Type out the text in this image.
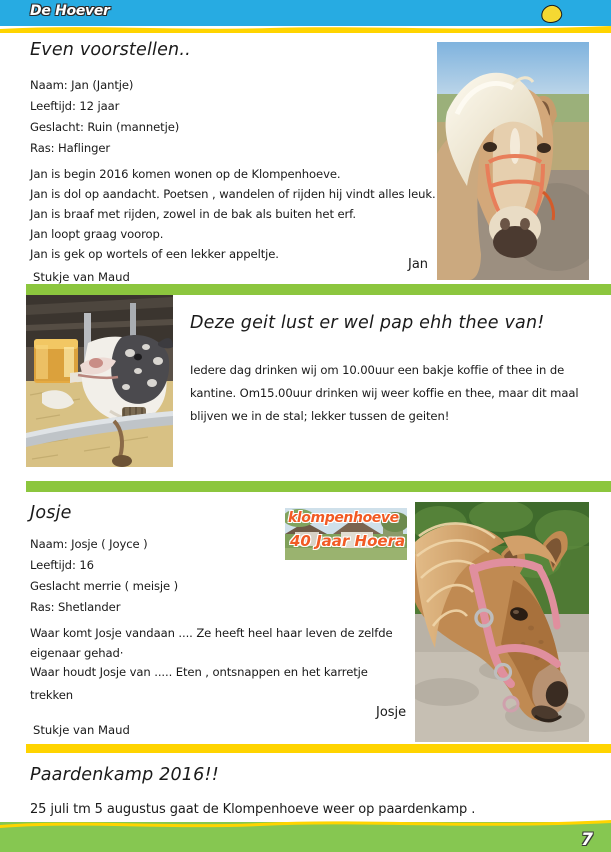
De Hoever
Even voorstellen..
Naam: Jan (Jantje)
Leeftijd: 12 jaar
Geslacht: Ruin (mannetje)
Ras: Haflinger
Jan is begin 2016 komen wonen op de Klompenhoeve.
Jan is dol op aandacht. Poetsen , wandelen of rijden hij vindt alles leuk.
Jan is braaf met rijden, zowel in de bak als buiten het erf.
Jan loopt graag voorop.
Jan is gek op wortels of een lekker appeltje.
Stukje van Maud
Jan
Deze geit lust er wel pap ehh thee van!
Iedere dag drinken wij om 10.00uur een bakje koffie of thee in de
kantine. Om15.00uur drinken wij weer koffie en thee, maar dit maal
blijven we in de stal; lekker tussen de geiten!
Josje
Naam: Josje ( Joyce )
Leeftijd: 16
Geslacht merrie ( meisje )
Ras: Shetlander
Waar komt Josje vandaan .... Ze heeft heel haar leven de zelfde
eigenaar gehad·
Waar houdt Josje van ..... Eten , ontsnappen en het karretje
trekken
Josje
Stukje van Maud
klompenhoeve
40 Jaar Hoera
Paardenkamp 2016!!
25 juli tm 5 augustus gaat de Klompenhoeve weer op paardenkamp .
7
